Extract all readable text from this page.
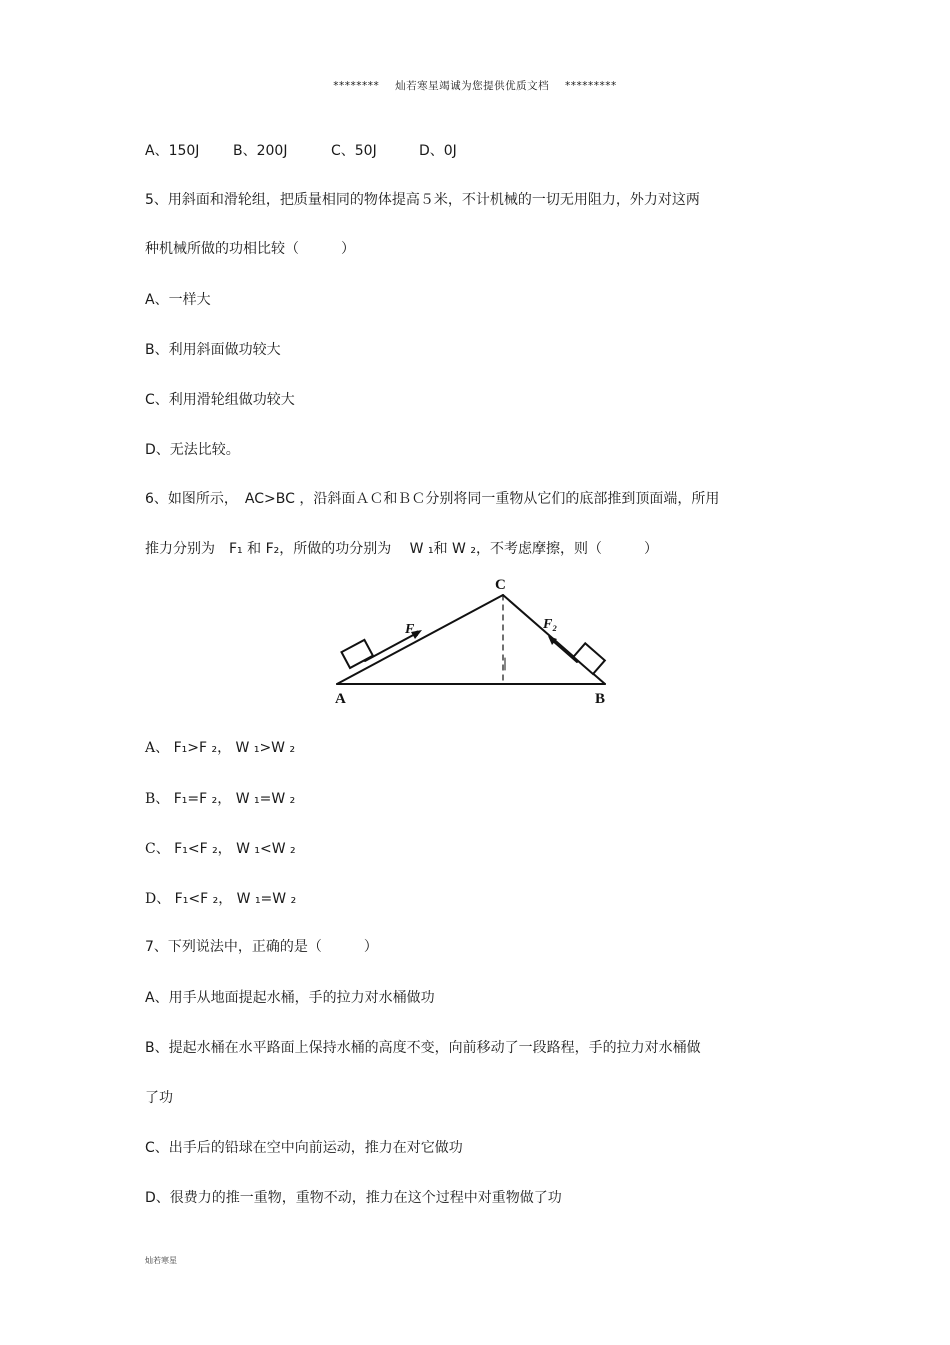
******** 灿若寒星竭诚为您提供优质文档 *********
A、150J B、200J	C、50J	D、0J
5、用斜面和滑轮组，把质量相同的物体提高５米，不计机械的一切无用阻力，外力对这两
种机械所做的功相比较（　　　）
A、一样大
B、利用斜面做功较大
C、利用滑轮组做功较大
D、无法比较。
6、如图所示，　AC>BC ，沿斜面ＡＣ和ＢＣ分别将同一重物从它们的底部推到顶面端，所用
推力分别为　F₁ 和 F₂，所做的功分别为　 W ₁和 W ₂，不考虑摩擦，则（　　　）
A	B
C
F₁	F₂
A、 F₁>F ₂， W ₁>W ₂
B、 F₁=F ₂， W ₁=W ₂
C、 F₁<F ₂， W ₁<W ₂
D、 F₁<F ₂， W ₁=W ₂
7、下列说法中，正确的是（　　　）
A、用手从地面提起水桶，手的拉力对水桶做功
B、提起水桶在水平路面上保持水桶的高度不变，向前移动了一段路程，手的拉力对水桶做
了功
C、出手后的铅球在空中向前运动，推力在对它做功
D、很费力的推一重物，重物不动，推力在这个过程中对重物做了功
灿若寒星
